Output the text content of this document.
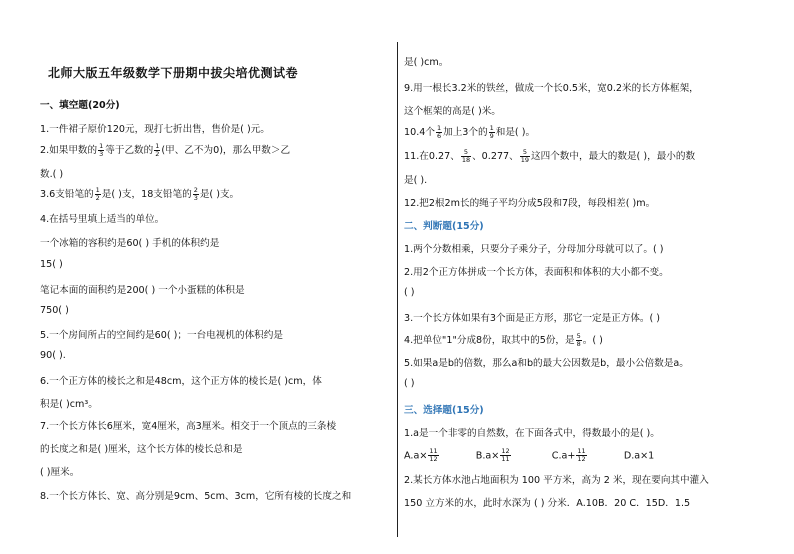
北师大版五年级数学下册期中拔尖培优测试卷
一、填空题(20分)
1.一件裙子原价120元，现打七折出售，售价是( )元。
2.如果甲数的 $\frac{1}{3}$ 等于乙数的 $\frac{1}{2}$ (甲、乙不为0)，那么甲数＞乙
数.( )
3.6支铅笔的 $\frac{1}{2}$ 是( )支，18支铅笔的 $\frac{2}{3}$ 是( )支。
4.在括号里填上适当的单位。
一个冰箱的容积约是60( ) 手机的体积约是
15( )
笔记本面的面积约是200( ) 一个小蛋糕的体积是
750( )
5.一个房间所占的空间约是60( )；一台电视机的体积约是
90( ).
6.一个正方体的棱长之和是48cm，这个正方体的棱长是( )cm，体
积是( )cm³。
7.一个长方体长6厘米，宽4厘米，高3厘米。相交于一个顶点的三条棱
的长度之和是( )厘米，这个长方体的棱长总和是
( )厘米。
8.一个长方体长、宽、高分别是9cm、5cm、3cm，它所有棱的长度之和
是( )cm。
9.用一根长3.2米的铁丝，做成一个长0.5米，宽0.2米的长方体框架，
这个框架的高是( )米。
10.4个 $\frac{1}{6}$ 加上3个的 $\frac{1}{9}$ 和是( )。
11.在0.27、 $\frac{5}{18}$ 、0.277、 $\frac{5}{19}$ 这四个数中，最大的数是( )，最小的数
是( ).
12.把2根2m长的绳子平均分成5段和7段，每段相差( )m。
二、判断题(15分)
1.两个分数相乘，只要分子乘分子，分母加分母就可以了。( )
2.用2个正方体拼成一个长方体，表面积和体积的大小都不变。
( )
3.一个长方体如果有3个面是正方形，那它一定是正方体。( )
4.把单位"1"分成8份，取其中的5份，是 $\frac{5}{8}$ 。( )
5.如果a是b的倍数，那么a和b的最大公因数是b，最小公倍数是a。
( )
三、选择题(15分)
1.a是一个非零的自然数，在下面各式中，得数最小的是( )。
$A.a\times \frac{11}{12}$	$B.a\times \frac{12}{11}$	$C.a+ \frac{11}{12}$	D.a×1
2.某长方体水池占地面积为 100 平方米，高为 2 米，现在要向其中灌入
150 立方米的水，此时水深为 ( ) 分米．A.10B．20 C．15D．1.5
